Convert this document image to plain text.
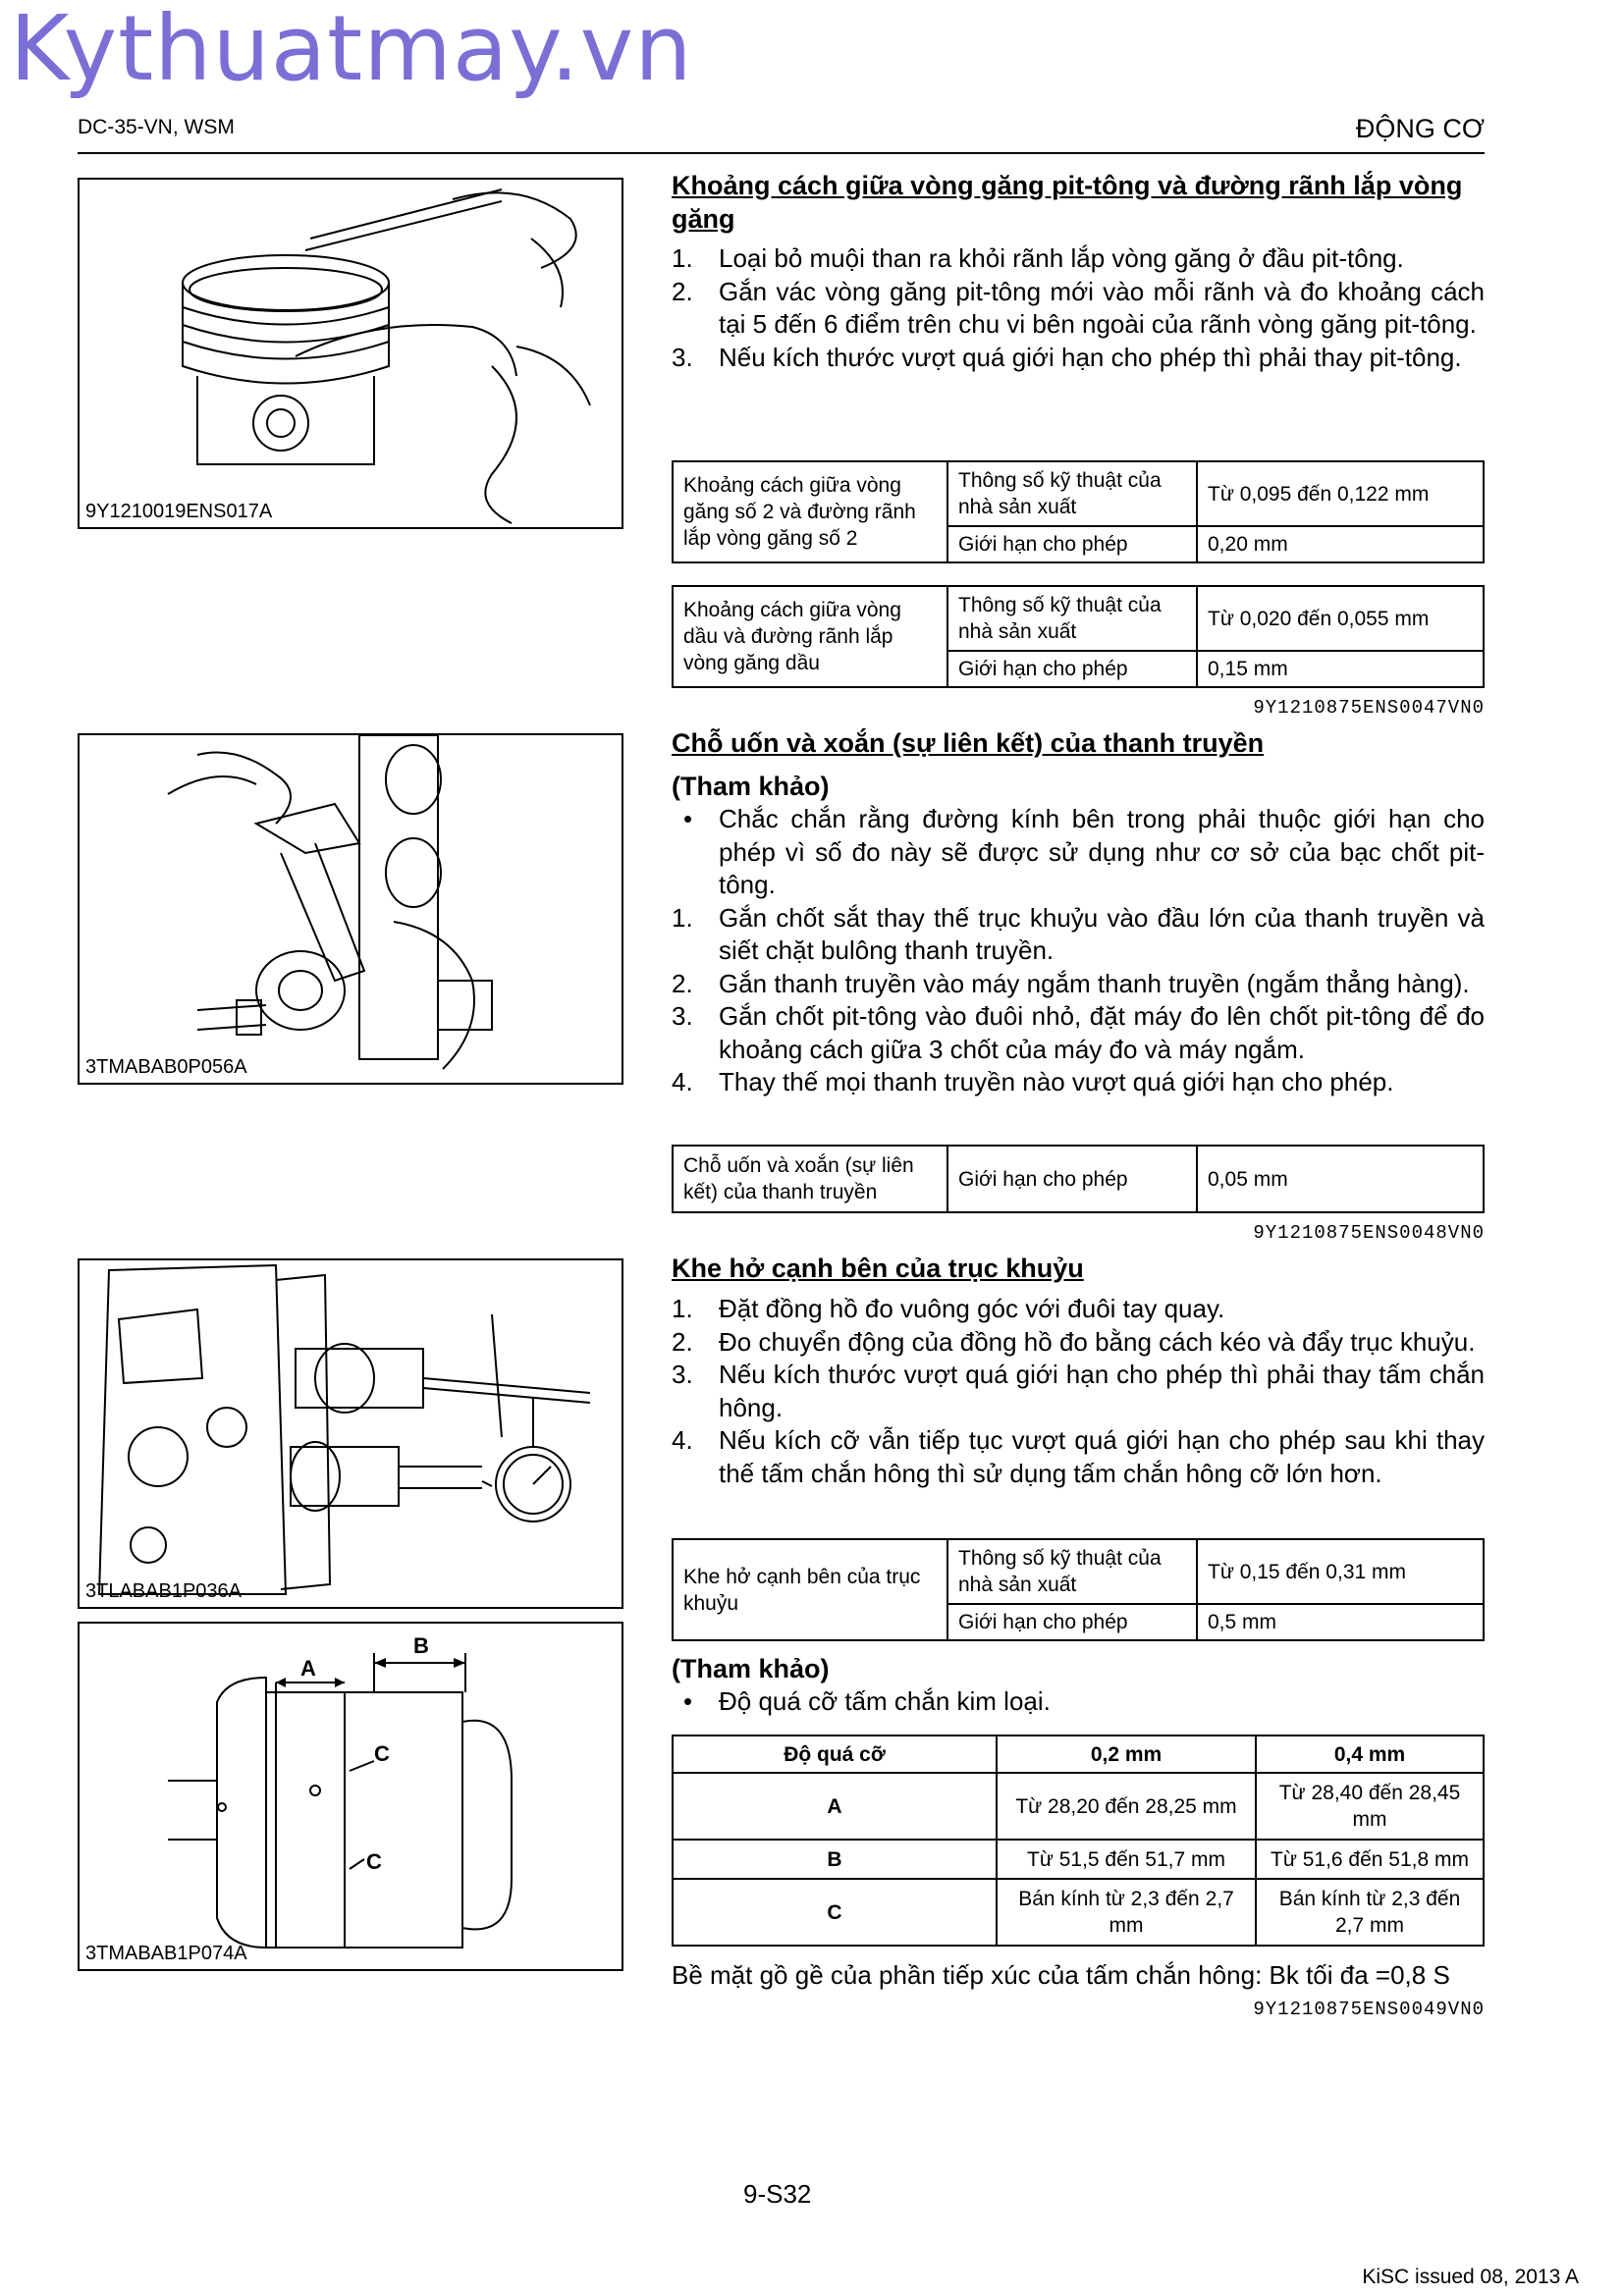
Kythuatmay.vn
DC-35-VN, WSM	ĐỘNG CƠ
9Y1210019ENS017A
3TMABAB0P056A
3TLABAB1P036A
B
A
C
C
3TMABAB1P074A
Khoảng cách giữa vòng găng pit-tông và đường rãnh lắp vòng găng
1. Loại bỏ muội than ra khỏi rãnh lắp vòng găng ở đầu pit-tông.
2. Gắn vác vòng găng pit-tông mới vào mỗi rãnh và đo khoảng cách tại 5 đến 6 điểm trên chu vi bên ngoài của rãnh vòng găng pit-tông.
3. Nếu kích thước vượt quá giới hạn cho phép thì phải thay pit-tông.
Khoảng cách giữa vòng găng số 2 và đường rãnh lắp vòng găng số 2	Thông số kỹ thuật của nhà sản xuất	Từ 0,095 đến 0,122 mm
	Giới hạn cho phép	0,20 mm
Khoảng cách giữa vòng dầu và đường rãnh lắp vòng găng dầu	Thông số kỹ thuật của nhà sản xuất	Từ 0,020 đến 0,055 mm
	Giới hạn cho phép	0,15 mm
9Y1210875ENS0047VN0
Chỗ uốn và xoắn (sự liên kết) của thanh truyền
(Tham khảo)
• Chắc chắn rằng đường kính bên trong phải thuộc giới hạn cho phép vì số đo này sẽ được sử dụng như cơ sở của bạc chốt pit-tông.
1. Gắn chốt sắt thay thế trục khuỷu vào đầu lớn của thanh truyền và siết chặt bulông thanh truyền.
2. Gắn thanh truyền vào máy ngắm thanh truyền (ngắm thẳng hàng).
3. Gắn chốt pit-tông vào đuôi nhỏ, đặt máy đo lên chốt pit-tông để đo khoảng cách giữa 3 chốt của máy đo và máy ngắm.
4. Thay thế mọi thanh truyền nào vượt quá giới hạn cho phép.
Chỗ uốn và xoắn (sự liên kết) của thanh truyền	Giới hạn cho phép	0,05 mm
9Y1210875ENS0048VN0
Khe hở cạnh bên của trục khuỷu
1. Đặt đồng hồ đo vuông góc với đuôi tay quay.
2. Đo chuyển động của đồng hồ đo bằng cách kéo và đẩy trục khuỷu.
3. Nếu kích thước vượt quá giới hạn cho phép thì phải thay tấm chắn hông.
4. Nếu kích cỡ vẫn tiếp tục vượt quá giới hạn cho phép sau khi thay thế tấm chắn hông thì sử dụng tấm chắn hông cỡ lớn hơn.
Khe hở cạnh bên của trục khuỷu	Thông số kỹ thuật của nhà sản xuất	Từ 0,15 đến 0,31 mm
	Giới hạn cho phép	0,5 mm
(Tham khảo)
• Độ quá cỡ tấm chắn kim loại.
Độ quá cỡ	0,2 mm	0,4 mm
A	Từ 28,20 đến 28,25 mm	Từ 28,40 đến 28,45 mm
B	Từ 51,5 đến 51,7 mm	Từ 51,6 đến 51,8 mm
C	Bán kính từ 2,3 đến 2,7 mm	Bán kính từ 2,3 đến 2,7 mm
Bề mặt gồ gề của phần tiếp xúc của tấm chắn hông: Bk tối đa =0,8 S
9Y1210875ENS0049VN0
9-S32
KiSC issued 08, 2013 A
